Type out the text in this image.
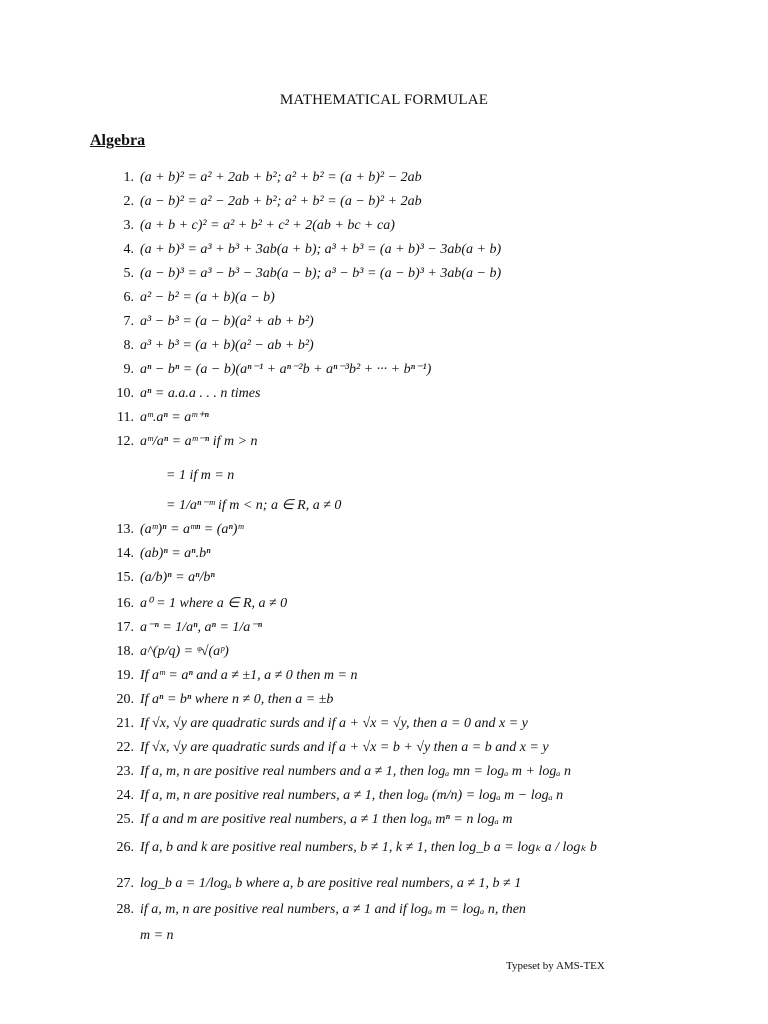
MATHEMATICAL FORMULAE
Algebra
1. (a + b)² = a² + 2ab + b²; a² + b² = (a + b)² − 2ab
2. (a − b)² = a² − 2ab + b²; a² + b² = (a − b)² + 2ab
3. (a + b + c)² = a² + b² + c² + 2(ab + bc + ca)
4. (a + b)³ = a³ + b³ + 3ab(a + b); a³ + b³ = (a + b)³ − 3ab(a + b)
5. (a − b)³ = a³ − b³ − 3ab(a − b); a³ − b³ = (a − b)³ + 3ab(a − b)
6. a² − b² = (a + b)(a − b)
7. a³ − b³ = (a − b)(a² + ab + b²)
8. a³ + b³ = (a + b)(a² − ab + b²)
9. aⁿ − bⁿ = (a − b)(aⁿ⁻¹ + aⁿ⁻²b + aⁿ⁻³b² + ··· + bⁿ⁻¹)
10. aⁿ = a.a.a . . . n times
11. aᵐ.aⁿ = aᵐ⁺ⁿ
12. aᵐ/aⁿ = aᵐ⁻ⁿ if m > n
= 1 if m = n
= 1/aⁿ⁻ᵐ if m < n; a ∈ R, a ≠ 0
13. (aᵐ)ⁿ = aᵐⁿ = (aⁿ)ᵐ
14. (ab)ⁿ = aⁿ.bⁿ
15. (a/b)ⁿ = aⁿ/bⁿ
16. a⁰ = 1 where a ∈ R, a ≠ 0
17. a⁻ⁿ = 1/aⁿ, aⁿ = 1/a⁻ⁿ
18. a^(p/q) = ᵠ√(aᵖ)
19. If aᵐ = aⁿ and a ≠ ±1, a ≠ 0 then m = n
20. If aⁿ = bⁿ where n ≠ 0, then a = ±b
21. If √x, √y are quadratic surds and if a + √x = √y, then a = 0 and x = y
22. If √x, √y are quadratic surds and if a + √x = b + √y then a = b and x = y
23. If a, m, n are positive real numbers and a ≠ 1, then logₐ mn = logₐ m + logₐ n
24. If a, m, n are positive real numbers, a ≠ 1, then logₐ (m/n) = logₐ m − logₐ n
25. If a and m are positive real numbers, a ≠ 1 then logₐ mⁿ = n logₐ m
26. If a, b and k are positive real numbers, b ≠ 1, k ≠ 1, then log_b a = logₖ a / logₖ b
27. log_b a = 1/logₐ b where a, b are positive real numbers, a ≠ 1, b ≠ 1
28. if a, m, n are positive real numbers, a ≠ 1 and if logₐ m = logₐ n, then
m = n
Typeset by AMS-TEX
